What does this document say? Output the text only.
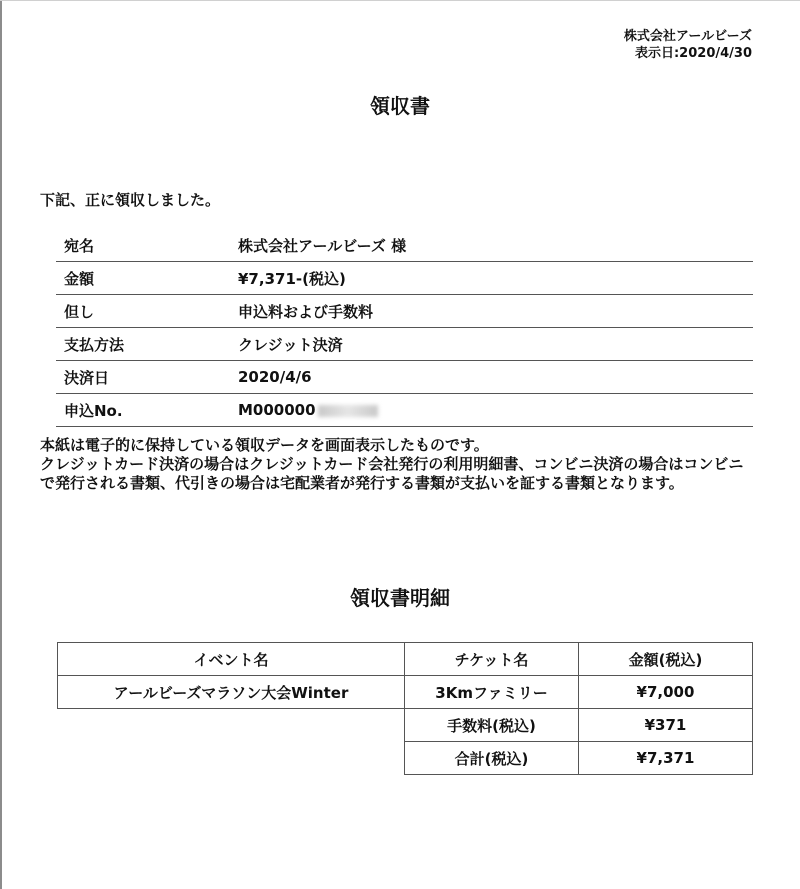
株式会社アールビーズ
表示日:2020/4/30
領収書
下記、正に領収しました。
宛名	株式会社アールビーズ 様
金額	¥7,371-(税込)
但し	申込料および手数料
支払方法	クレジット決済
決済日	2020/4/6
申込No.	M000000

本紙は電子的に保持している領収データを画面表示したものです。

クレジットカード決済の場合はクレジットカード会社発行の利用明細書、コンビニ決済の場合はコンビニで発行される書類、代引きの場合は宅配業者が発行する書類が支払いを証する書類となります。

領収書明細
イベント名	チケット名	金額(税込)
アールビーズマラソン大会Winter	3Kmファミリー	¥7,000
	手数料(税込)	¥371
	合計(税込)	¥7,371
